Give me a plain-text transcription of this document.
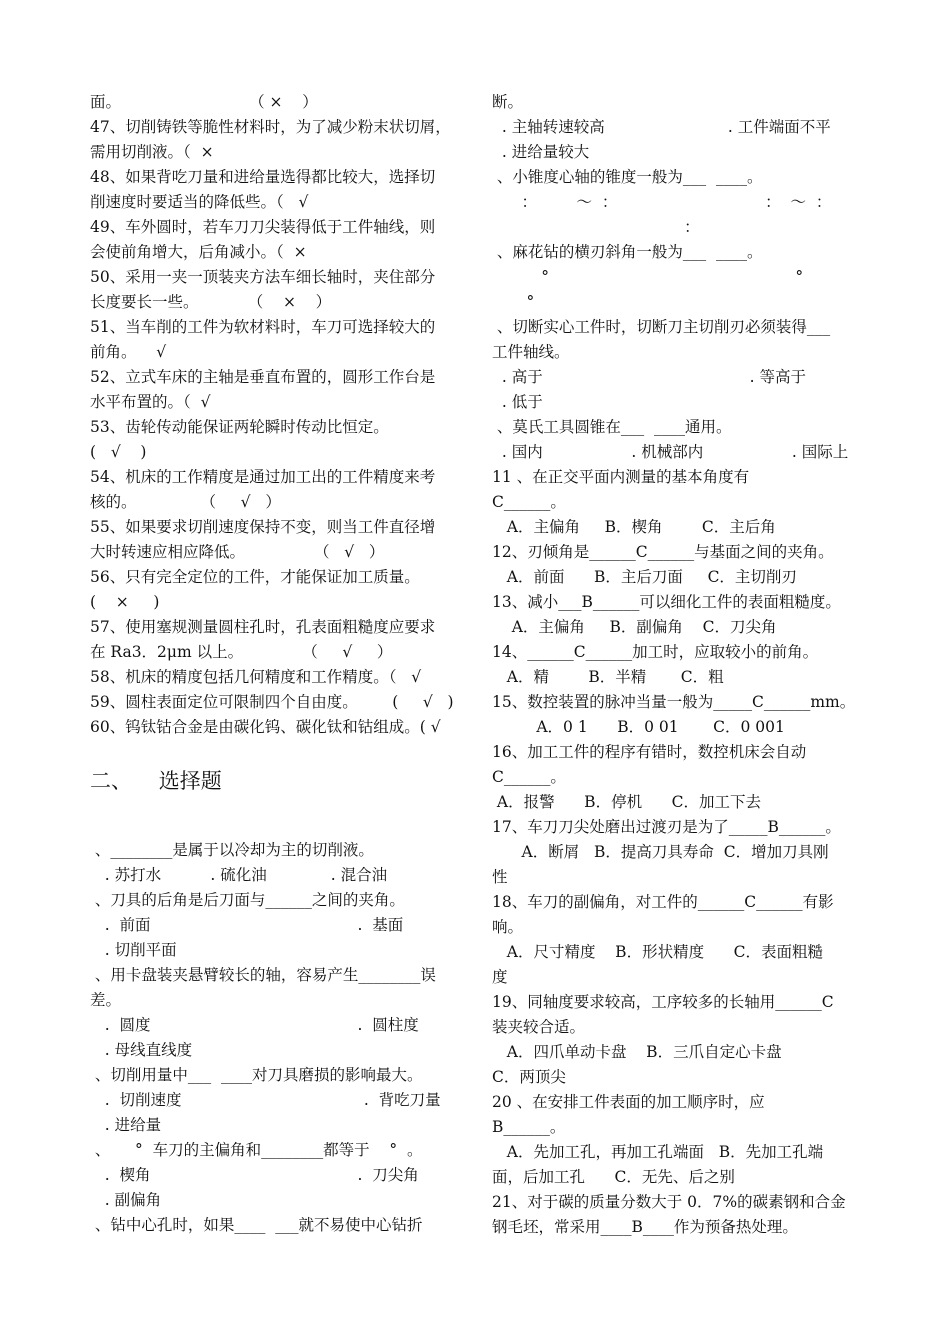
面。                          （ ×    ）
47、切削铸铁等脆性材料时，为了减少粉末状切屑，
需用切削液。（  ×
48、如果背吃刀量和进给量选得都比较大，选择切
削速度时要适当的降低些。（   √
49、车外圆时，若车刀刀尖装得低于工件轴线，则
会使前角增大，后角减小。（  ×
50、采用一夹一顶装夹方法车细长轴时，夹住部分
长度要长一些。          （    ×    ）
51、当车削的工件为软材料时，车刀可选择较大的
前角。    √
52、立式车床的主轴是垂直布置的，圆形工作台是
水平布置的。（  √
53、齿轮传动能保证两轮瞬时传动比恒定。
(   √    )
54、机床的工作精度是通过加工出的工件精度来考
核的。             （     √   ）
55、如果要求切削速度保持不变，则当工件直径增
大时转速应相应降低。              （   √   ）
56、只有完全定位的工件，才能保证加工质量。
(    ×     )
57、使用塞规测量圆柱孔时，孔表面粗糙度应要求
在 Ra3．2μm 以上。            （     √     ）
58、机床的精度包括几何精度和工作精度。（   √
59、圆柱表面定位可限制四个自由度。       (     √   )
60、钨钛钴合金是由碳化钨、碳化钛和钴组成。( √
二、    选择题
、________是属于以冷却为主的切削液。
. 苏打水          . 硫化油             . 混合油
、刀具的后角是后刀面与______之间的夹角。
.  前面                                          .  基面
. 切削平面
、用卡盘装夹悬臂较长的轴，容易产生________误
差。
.  圆度                                          .  圆柱度
. 母线直线度
、切削用量中___  ____对刀具磨损的影响最大。
.  切削速度                                     .  背吃刀量
. 进给量
、     °  车刀的主偏角和________都等于    °  。
.  楔角                                          .  刀尖角
. 副偏角
、钻中心孔时，如果____  ___就不易使中心钻折
断。
. 主轴转速较高                         . 工件端面不平
. 进给量较大
、小锥度心轴的锥度一般为___  ____。
：        ～  ：                              ：  ～  ：
：
、麻花钻的横刃斜角一般为___  ____。
°                                                  °
°
、切断实心工件时，切断刀主切削刃必须装得___
工件轴线。
. 高于                                          . 等高于
. 低于
、莫氏工具圆锥在___  ____通用。
. 国内                  . 机械部内                  . 国际上
11 、在正交平面内测量的基本角度有
C______。
A．主偏角     B．楔角        C．主后角
12、刃倾角是______C______与基面之间的夹角。
A．前面      B．主后刀面     C．主切削刃
13、减小___B______可以细化工件的表面粗糙度。
A．主偏角     B．副偏角    C．刀尖角
14、______C______加工时，应取较小的前角。
A．精        B．半精       C．粗
15、数控装置的脉冲当量一般为_____C______mm。
A．0 1      B．0 01       C．0 001
16、加工工件的程序有错时，数控机床会自动
C______。
A．报警      B．停机      C．加工下去
17、车刀刀尖处磨出过渡刃是为了_____B______。
A．断屑   B．提高刀具寿命  C．增加刀具刚
性
18、车刀的副偏角，对工件的______C______有影
响。
A．尺寸精度    B．形状精度      C．表面粗糙
度
19、同轴度要求较高，工序较多的长轴用______C
装夹较合适。
A．四爪单动卡盘    B．三爪自定心卡盘
C．两顶尖
20 、在安排工件表面的加工顺序时，应
B______。
A．先加工孔，再加工孔端面   B．先加工孔端
面，后加工孔      C．无先、后之别
21、对于碳的质量分数大于 0．7%的碳素钢和合金
钢毛坯，常采用____B____作为预备热处理。
